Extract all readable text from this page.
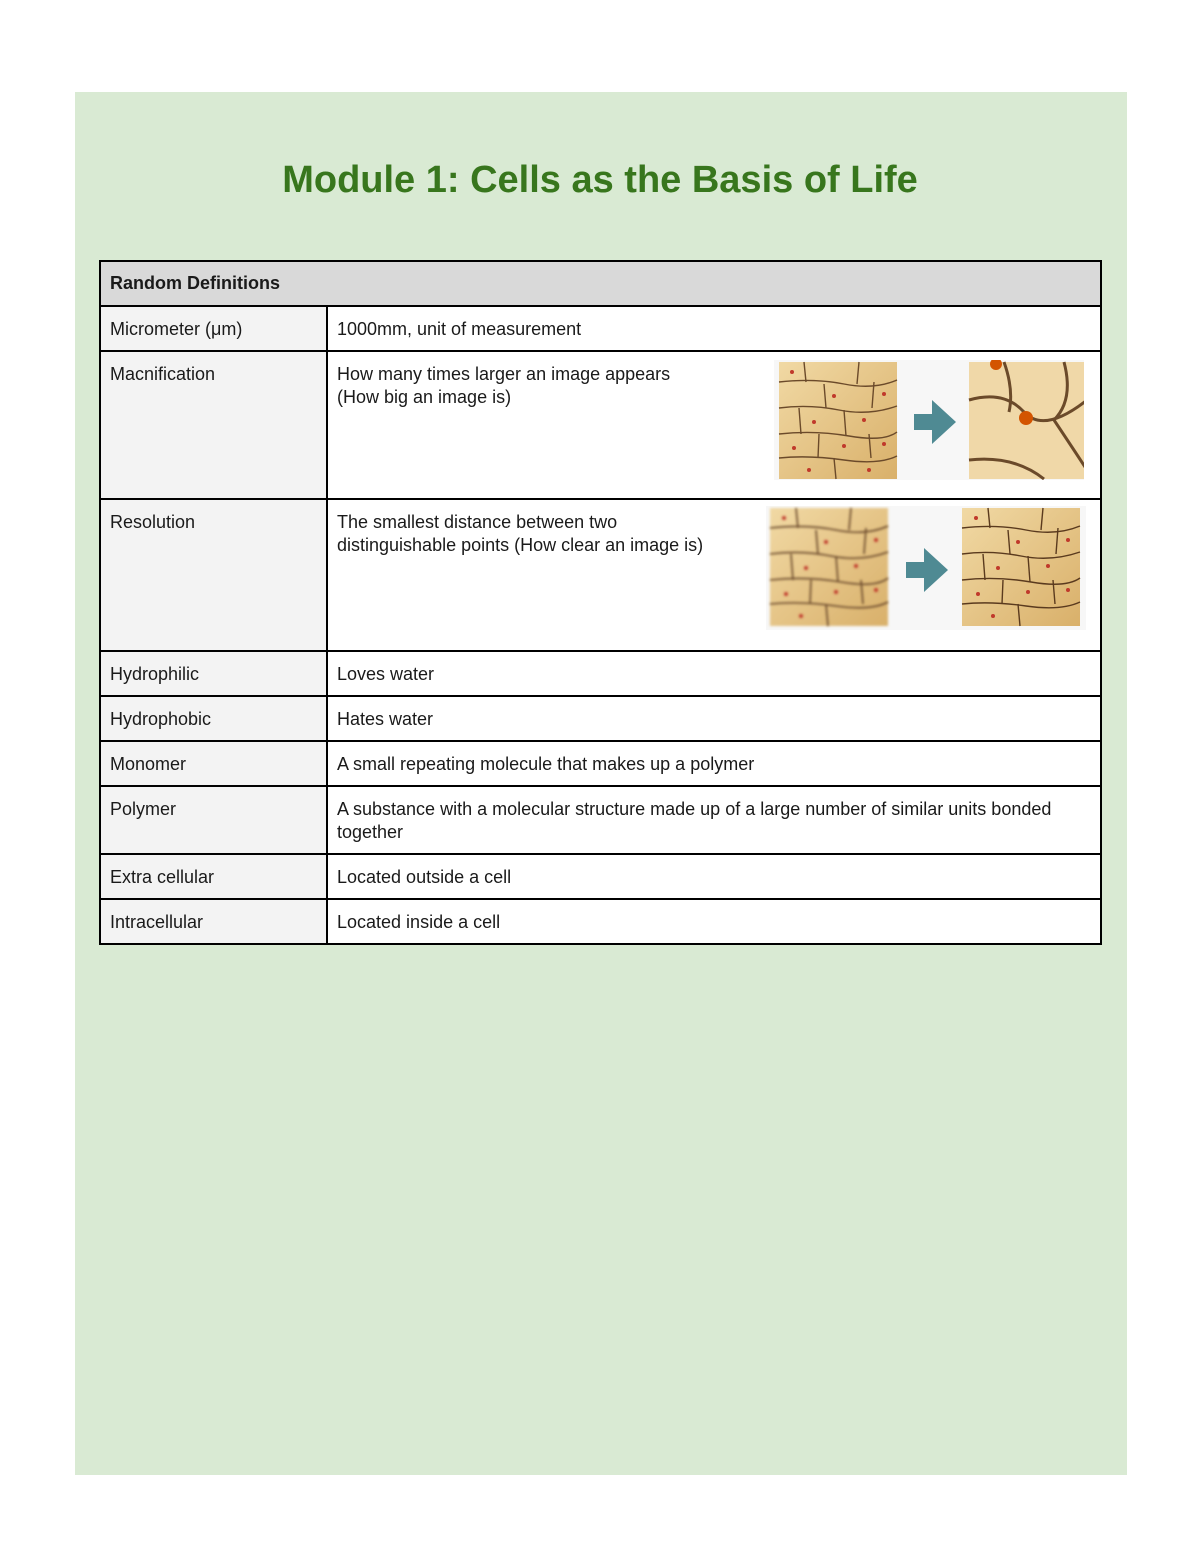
Module 1: Cells as the Basis of Life
Random Definitions	
Micrometer (μm)	1000mm, unit of measurement
Macnification	How many times larger an image appears
(How big an image is)

Resolution	The smallest distance between two
distinguishable points (How clear an image is)

Hydrophilic	Loves water
Hydrophobic	Hates water
Monomer	A small repeating molecule that makes up a polymer
Polymer	A substance with a molecular structure made up of a large number of similar units bonded together
Extra cellular	Located outside a cell
Intracellular	Located inside a cell
